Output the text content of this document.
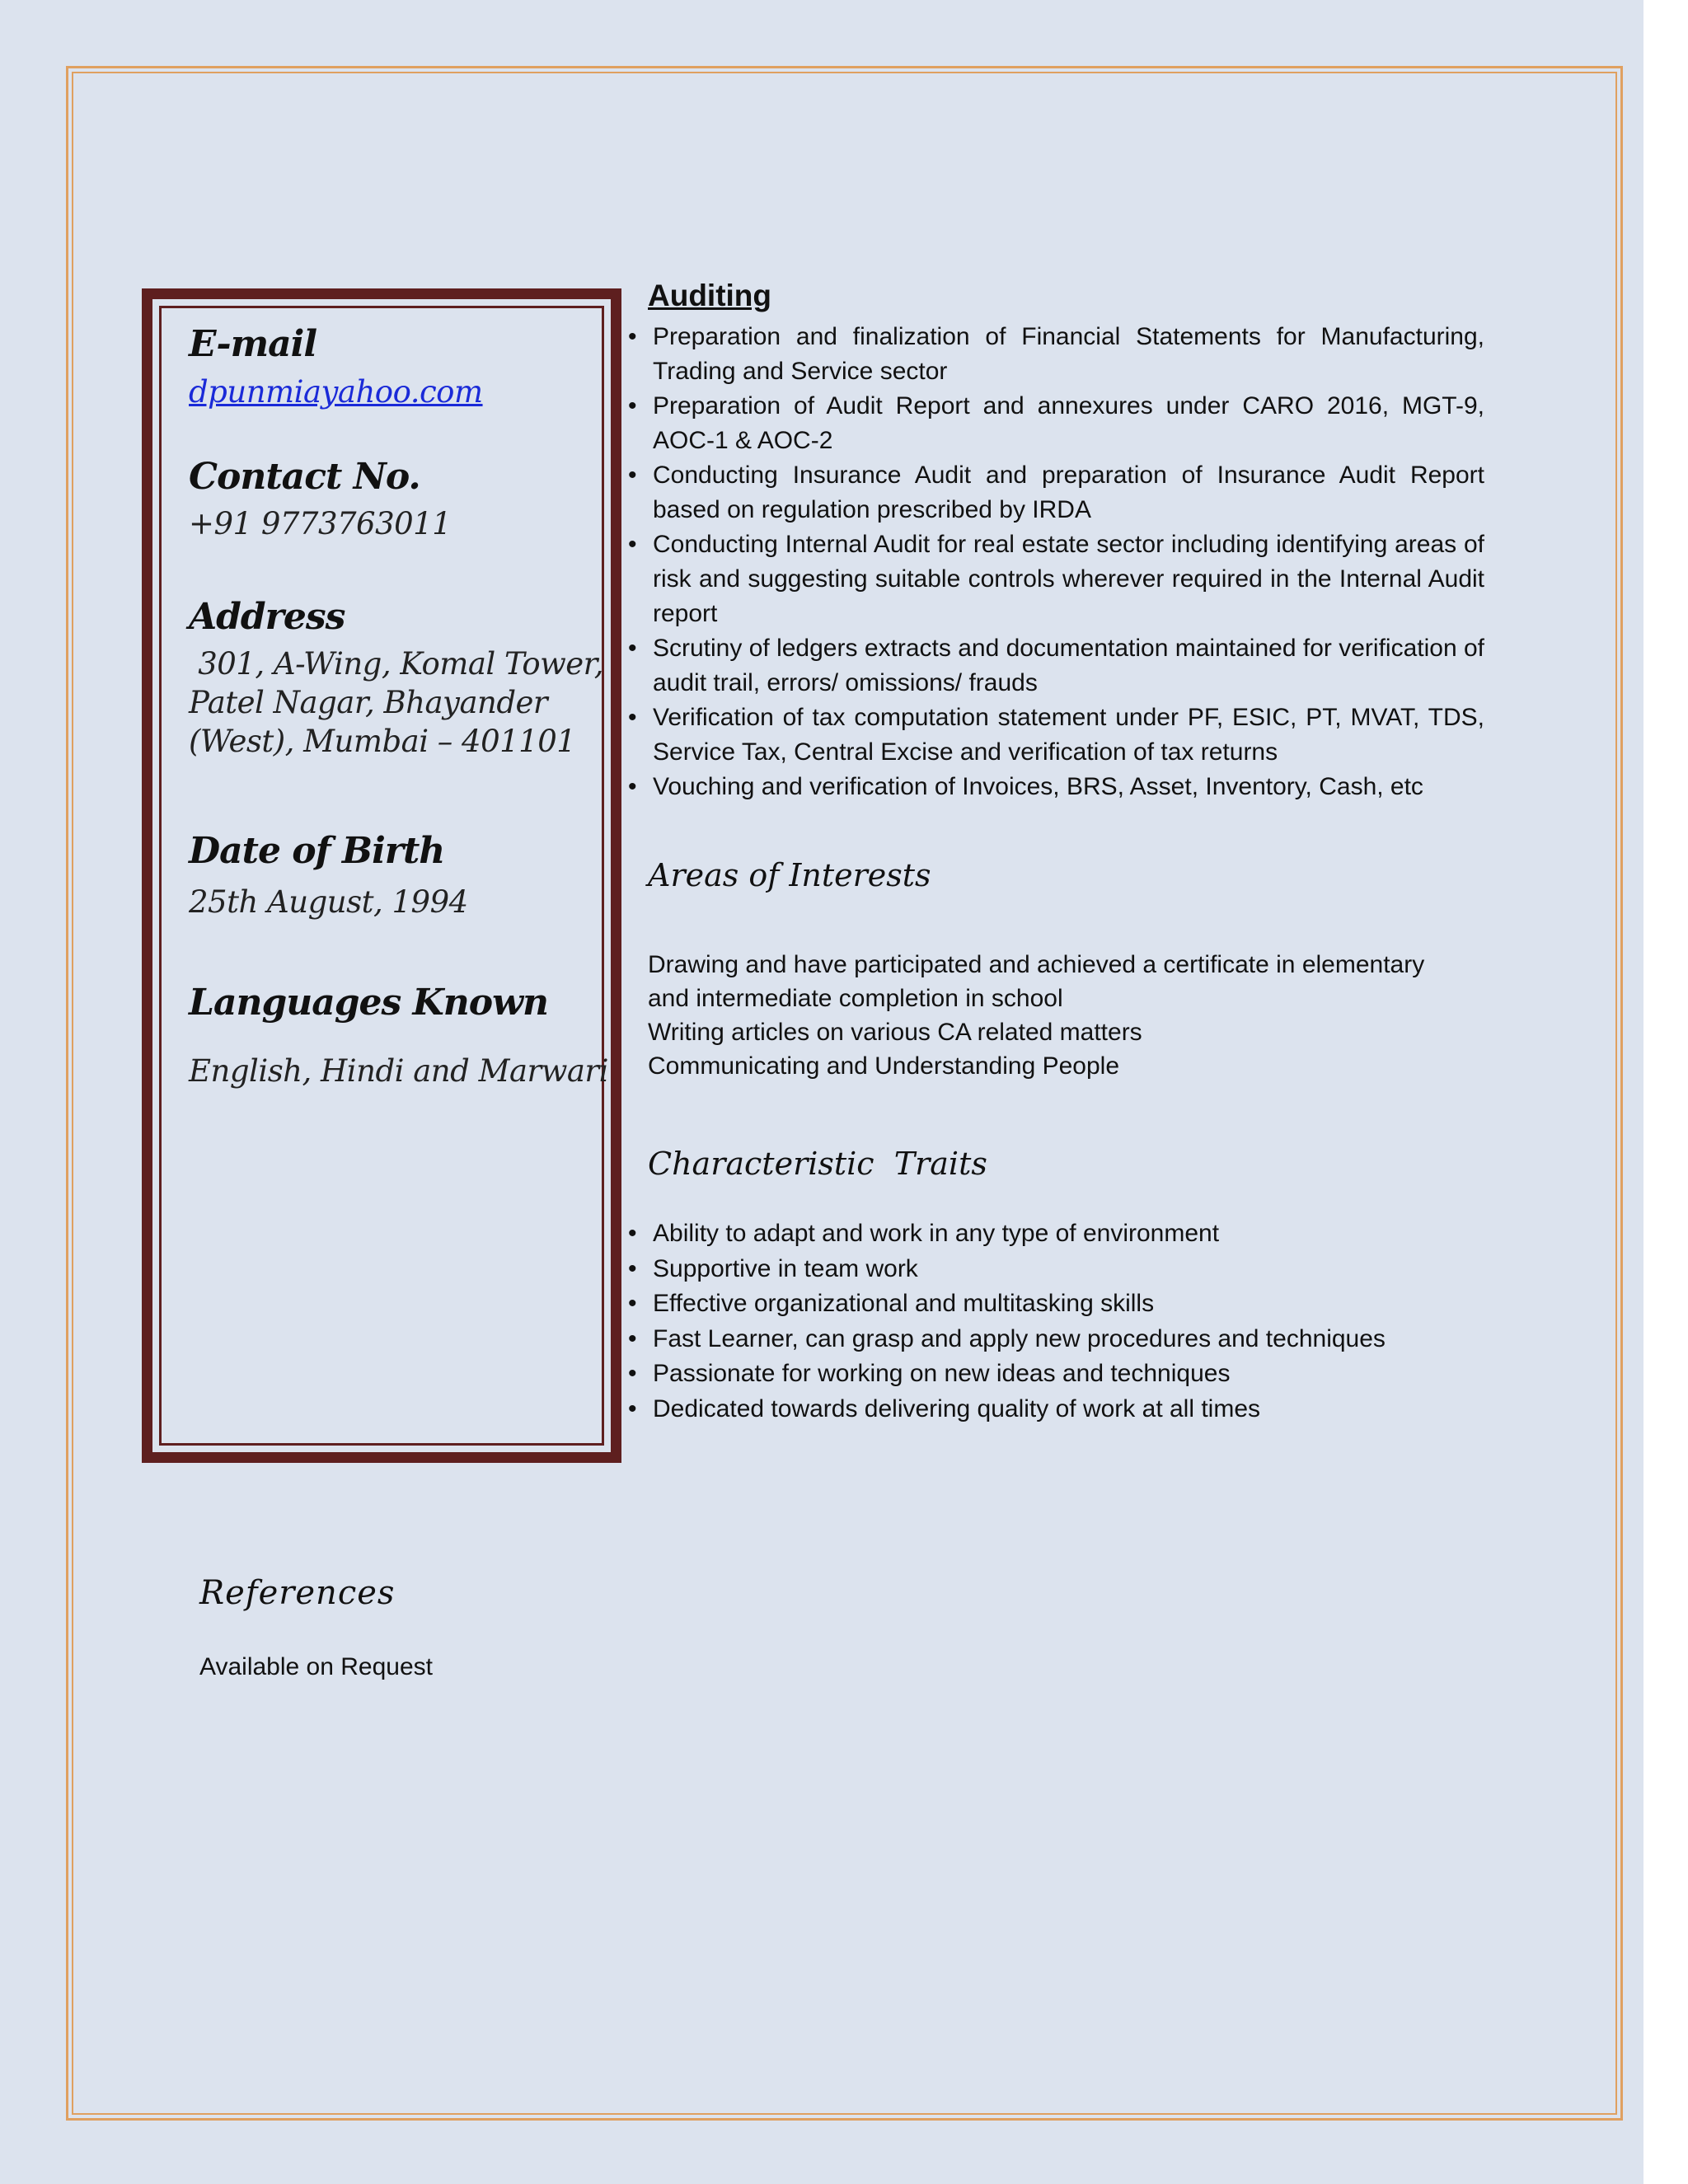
E-mail
dpunmiayahoo.com
Contact No.
+91 9773763011
Address
301, A-Wing, Komal Tower,
Patel Nagar, Bhayander
(West), Mumbai – 401101
Date of Birth
25th August, 1994
Languages Known
English, Hindi and Marwari
Auditing
• Preparation and finalization of Financial Statements for Manufacturing, Trading and Service sector
• Preparation of Audit Report and annexures under CARO 2016, MGT-9, AOC-1 & AOC-2
• Conducting Insurance Audit and preparation of Insurance Audit Report based on regulation prescribed by IRDA
• Conducting Internal Audit for real estate sector including identifying areas of risk and suggesting suitable controls wherever required in the Internal Audit report
• Scrutiny of ledgers extracts and documentation maintained for verification of audit trail, errors/ omissions/ frauds
• Verification of tax computation statement under PF, ESIC, PT, MVAT, TDS, Service Tax, Central Excise and verification of tax returns
• Vouching and verification of Invoices, BRS, Asset, Inventory, Cash, etc
Areas of Interests
Drawing and have participated and achieved a certificate in elementary
and intermediate completion in school
Writing articles on various CA related matters
Communicating and Understanding People
Characteristic  Traits
• Ability to adapt and work in any type of environment
• Supportive in team work
• Effective organizational and multitasking skills
• Fast Learner, can grasp and apply new procedures and techniques
• Passionate for working on new ideas and techniques
• Dedicated towards delivering quality of work at all times
References
Available on Request
